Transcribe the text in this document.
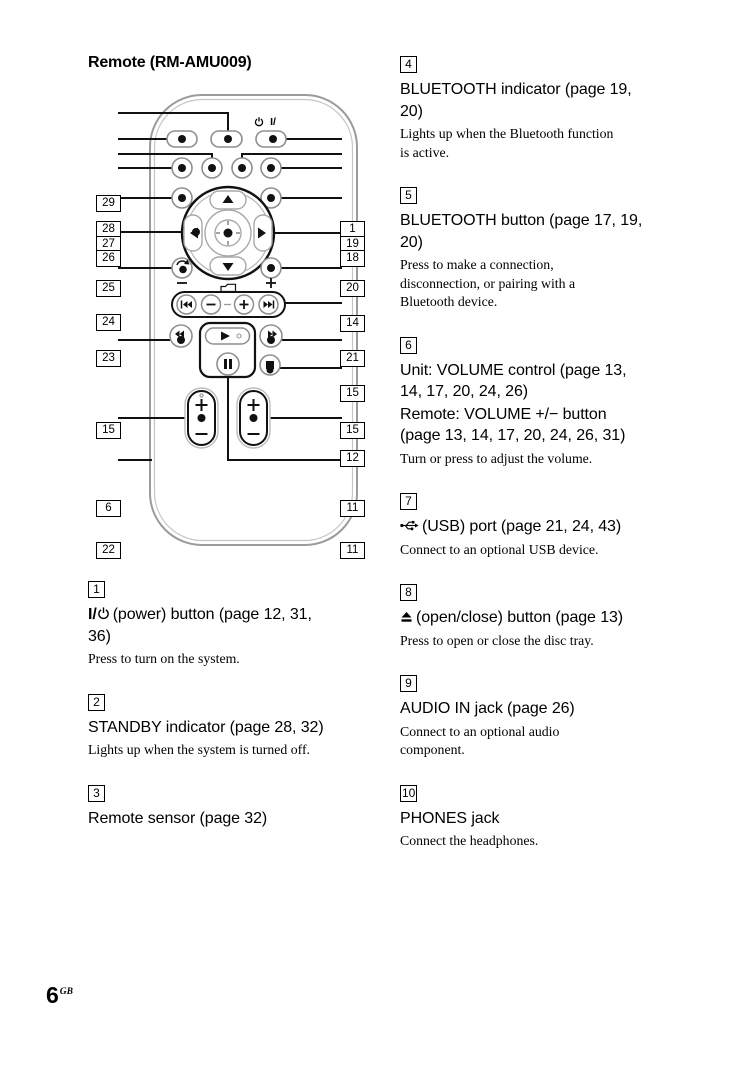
Remote (RM-AMU009)
I/
29
28
27
26
25
24
23
15
6
22
1
19
18
20
14
21
15
15
12
11
11
1
I/ (power) button (page 12, 31,
36)
Press to turn on the system.
2
STANDBY indicator (page 28, 32)
Lights up when the system is turned off.
3
Remote sensor (page 32)
4
BLUETOOTH indicator (page 19,
20)
Lights up when the Bluetooth function
is active.
5
BLUETOOTH button (page 17, 19,
20)
Press to make a connection,
disconnection, or pairing with a
Bluetooth device.
6
Unit: VOLUME control (page 13,
14, 17, 20, 24, 26)
Remote: VOLUME +/− button
(page 13, 14, 17, 20, 24, 26, 31)
Turn or press to adjust the volume.
7
(USB) port (page 21, 24, 43)
Connect to an optional USB device.
8
(open/close) button (page 13)
Press to open or close the disc tray.
9
AUDIO IN jack (page 26)
Connect to an optional audio
component.
10
PHONES jack
Connect the headphones.
$6^{GB}$
